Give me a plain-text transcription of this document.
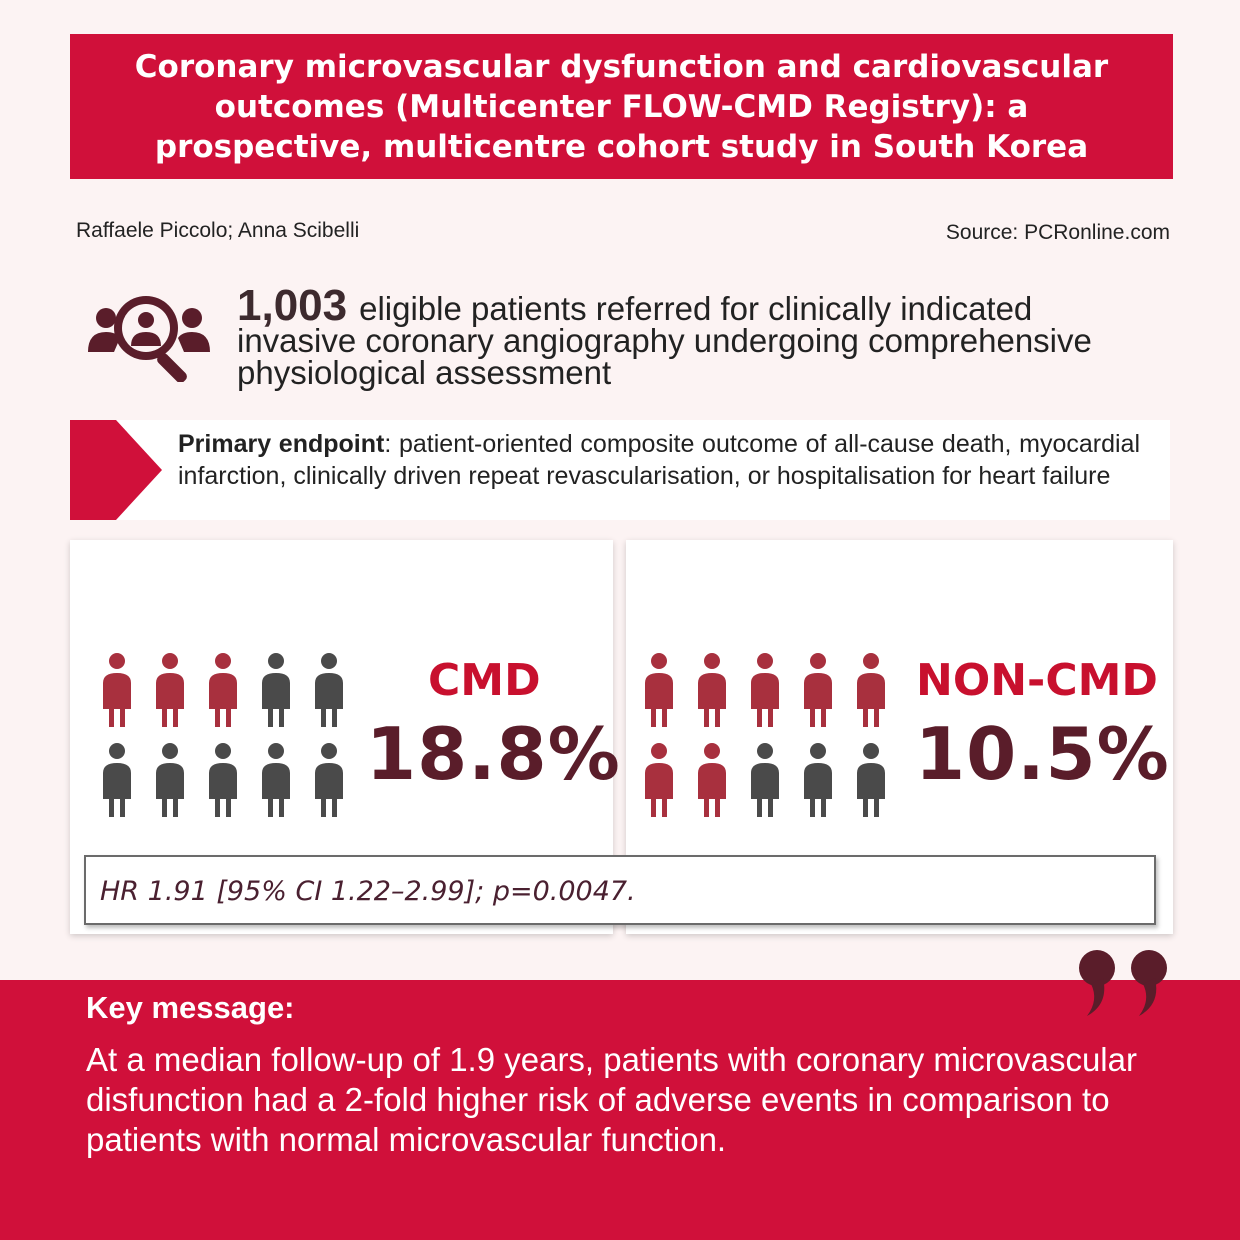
Coronary microvascular dysfunction and cardiovascular outcomes (Multicenter FLOW-CMD Registry): a prospective, multicentre cohort study in South Korea
Raffaele Piccolo; Anna Scibelli	Source: PCRonline.com
1,003 eligible patients referred for clinically indicated invasive coronary angiography undergoing comprehensive physiological assessment
Primary endpoint: patient-oriented composite outcome of all-cause death, myocardial infarction, clinically driven repeat revascularisation, or hospitalisation for heart failure
CMD
18.8%
NON-CMD
10.5%
HR 1.91 [95% CI 1.22–2.99]; p=0.0047.
Key message:
At a median follow-up of 1.9 years, patients with coronary microvascular disfunction had a 2-fold higher risk of adverse events in comparison to patients with normal microvascular function.
